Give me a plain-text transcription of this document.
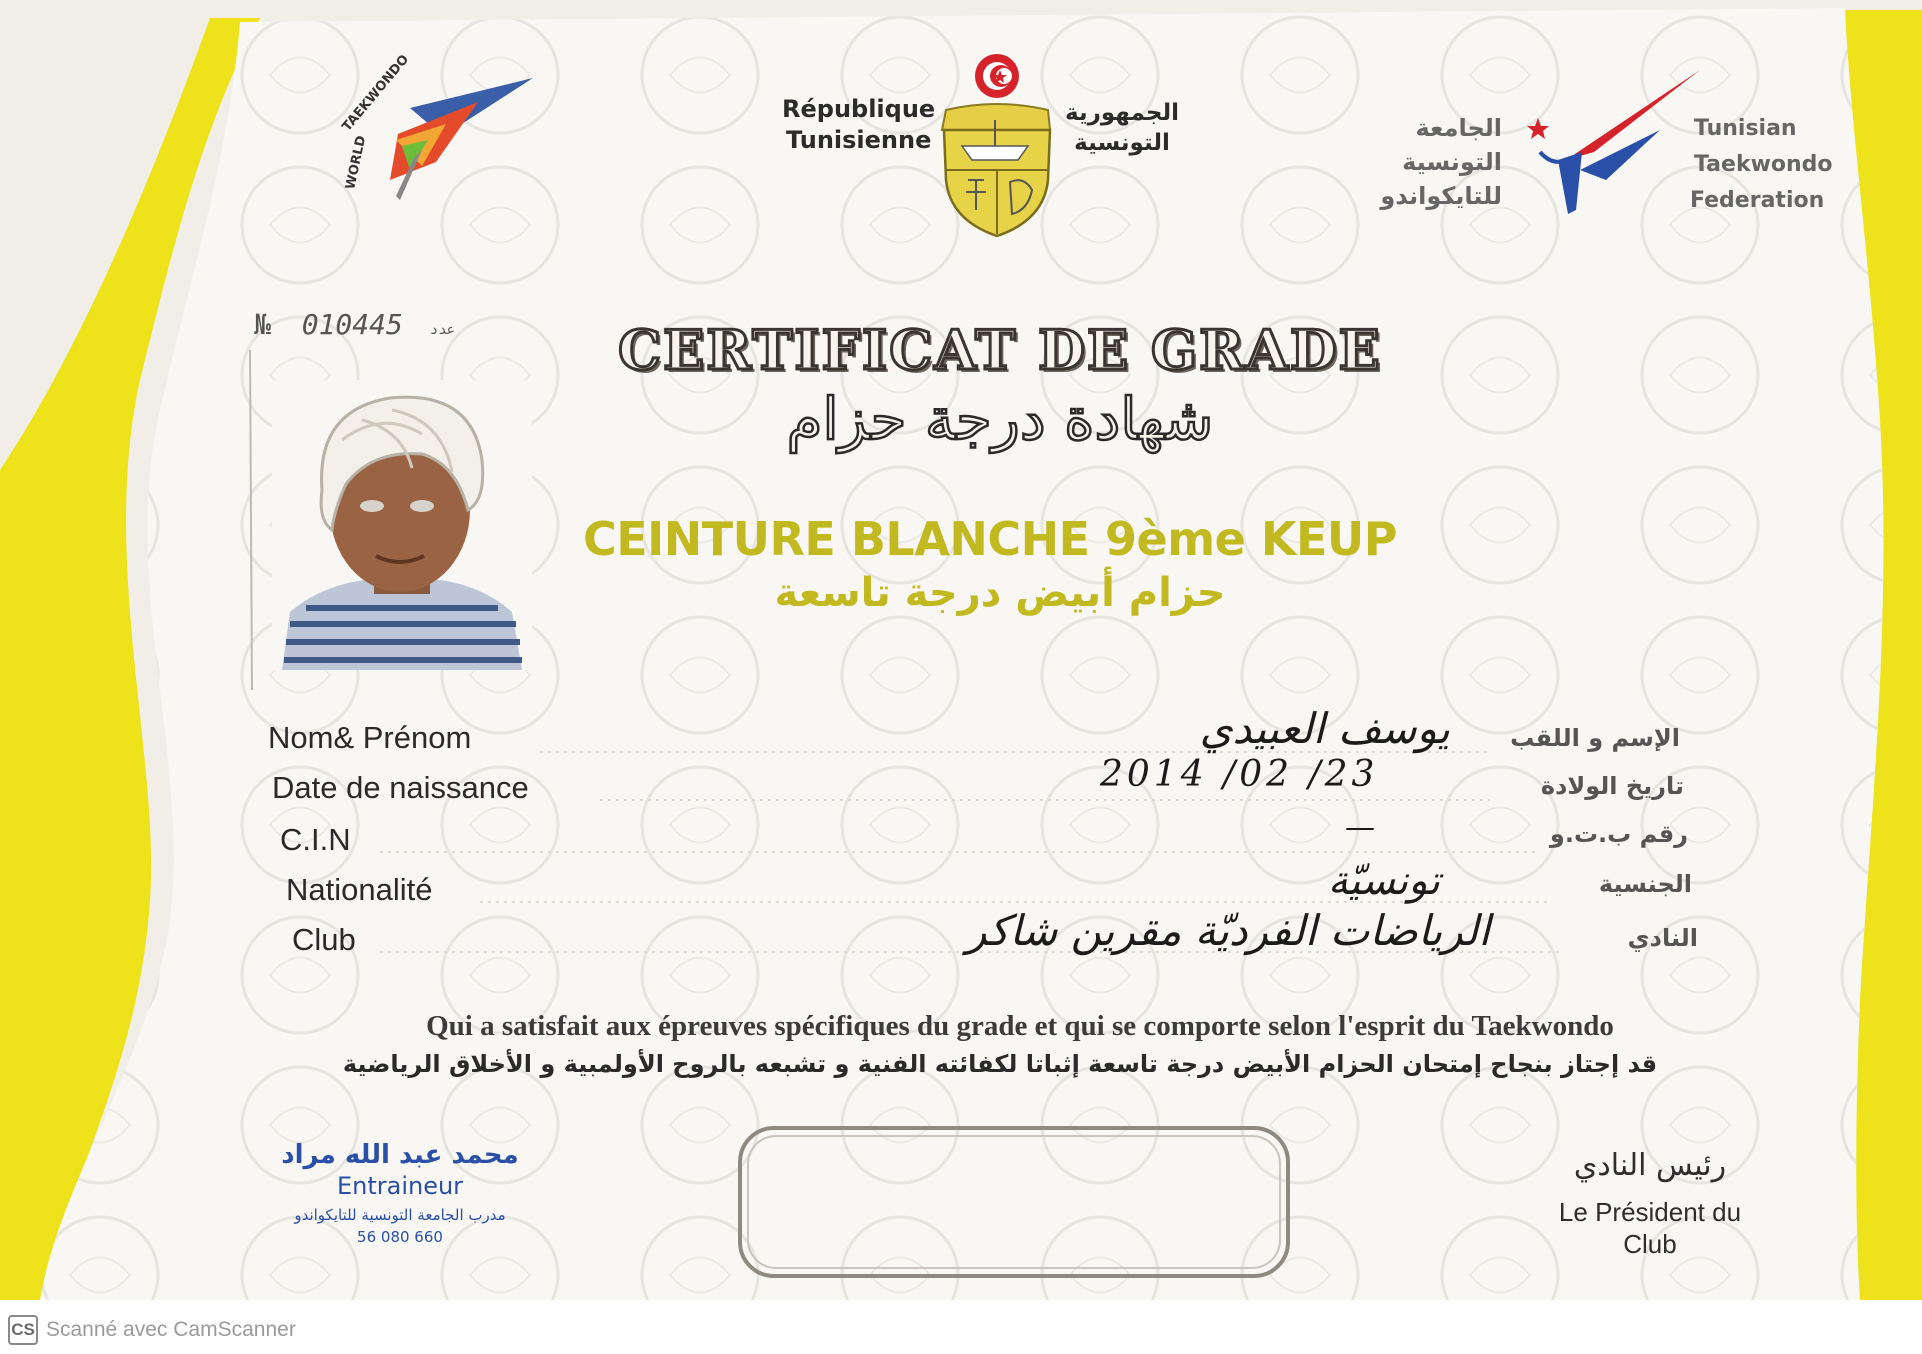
WORLD
TAEKWONDO	République
Tunisienne
الجمهورية
التونسية
الجامعة
التونسية
للتايكواندو
Tunisian
Taekwondo
Federation
№ 010445 عدد	CERTIFICAT DE GRADE
شهادة درجة حزام
CEINTURE BLANCHE 9ème KEUP
حزام أبيض درجة تاسعة
Nom& Prénom
Date de naissance
C.I.N
Nationalité
Club
الإسم و اللقب
تاريخ الولادة
رقم ب.ت.و
الجنسية
النادي
يوسف العبيدي
2014 /02 /23
—
تونسيّة
الرياضات الفرديّة مقرين شاكر
Qui a satisfait aux épreuves spécifiques du grade et qui se comporte selon l'esprit du Taekwondo
قد إجتاز بنجاح إمتحان الحزام الأبيض درجة تاسعة إثباتا لكفائته الفنية و تشبعه بالروح الأولمبية و الأخلاق الرياضية
محمد عبد الله مراد
Entraineur
مدرب الجامعة التونسية للتايكواندو
56 080 660
رئيس النادي
Le Président du
Club
CS Scanné avec CamScanner
